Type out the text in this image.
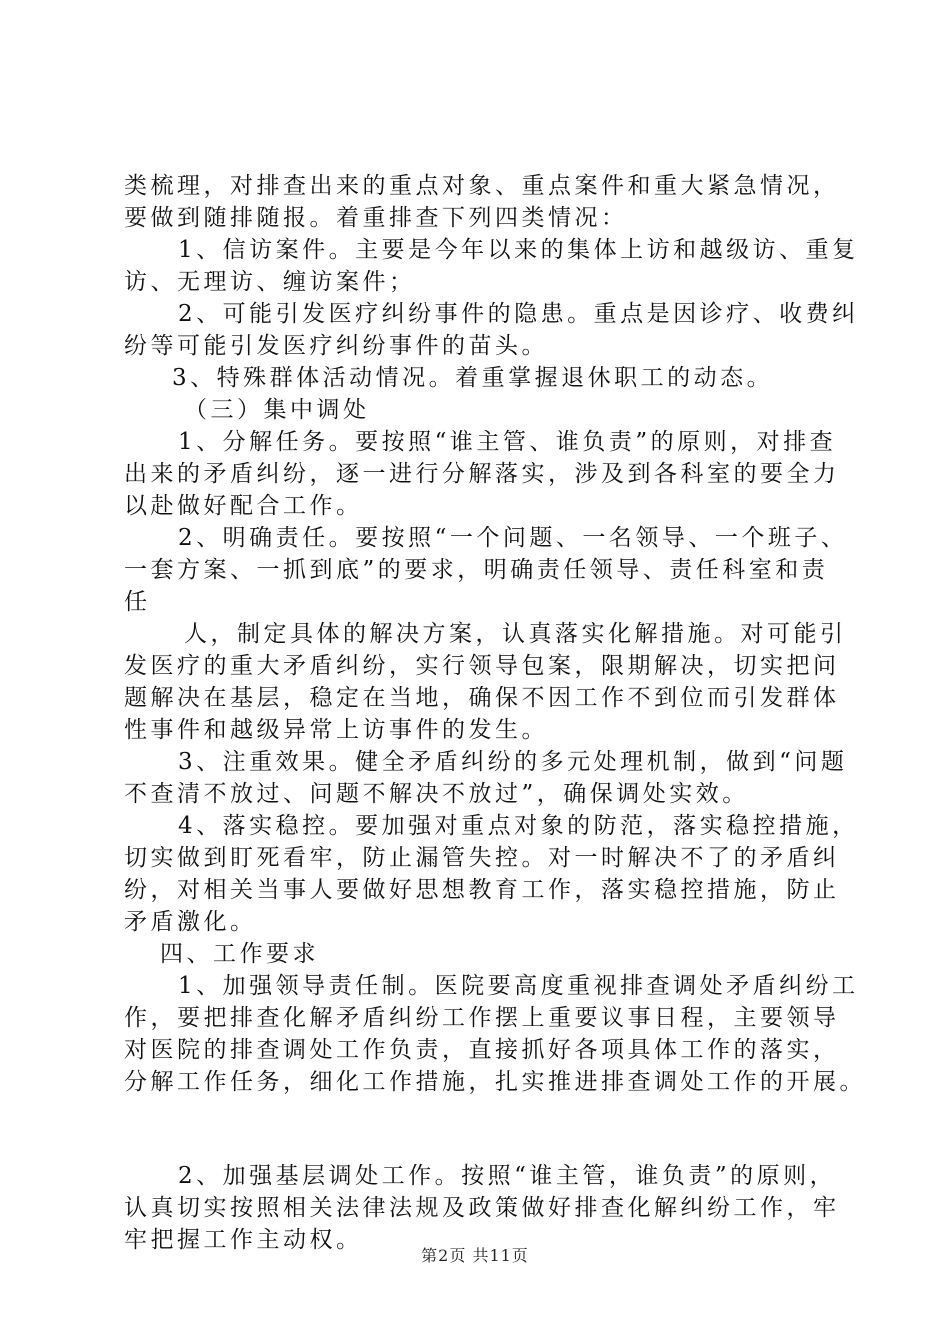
类梳理，对排查出来的重点对象、重点案件和重大紧急情况，
要做到随排随报。着重排查下列四类情况：
1、信访案件。主要是今年以来的集体上访和越级访、重复
访、无理访、缠访案件；
2、可能引发医疗纠纷事件的隐患。重点是因诊疗、收费纠
纷等可能引发医疗纠纷事件的苗头。
3、特殊群体活动情况。着重掌握退休职工的动态。
（三）集中调处
1、分解任务。要按照“谁主管、谁负责”的原则，对排查
出来的矛盾纠纷，逐一进行分解落实，涉及到各科室的要全力
以赴做好配合工作。
2、明确责任。要按照“一个问题、一名领导、一个班子、
一套方案、一抓到底”的要求，明确责任领导、责任科室和责
任
人，制定具体的解决方案，认真落实化解措施。对可能引
发医疗的重大矛盾纠纷，实行领导包案，限期解决，切实把问
题解决在基层，稳定在当地，确保不因工作不到位而引发群体
性事件和越级异常上访事件的发生。
3、注重效果。健全矛盾纠纷的多元处理机制，做到“问题
不查清不放过、问题不解决不放过”，确保调处实效。
4、落实稳控。要加强对重点对象的防范，落实稳控措施，
切实做到盯死看牢，防止漏管失控。对一时解决不了的矛盾纠
纷，对相关当事人要做好思想教育工作，落实稳控措施，防止
矛盾激化。
四、工作要求
1、加强领导责任制。医院要高度重视排查调处矛盾纠纷工
作，要把排查化解矛盾纠纷工作摆上重要议事日程，主要领导
对医院的排查调处工作负责，直接抓好各项具体工作的落实，
分解工作任务，细化工作措施，扎实推进排查调处工作的开展。
2、加强基层调处工作。按照“谁主管，谁负责”的原则，
认真切实按照相关法律法规及政策做好排查化解纠纷工作，牢
牢把握工作主动权。
第2页 共11页
